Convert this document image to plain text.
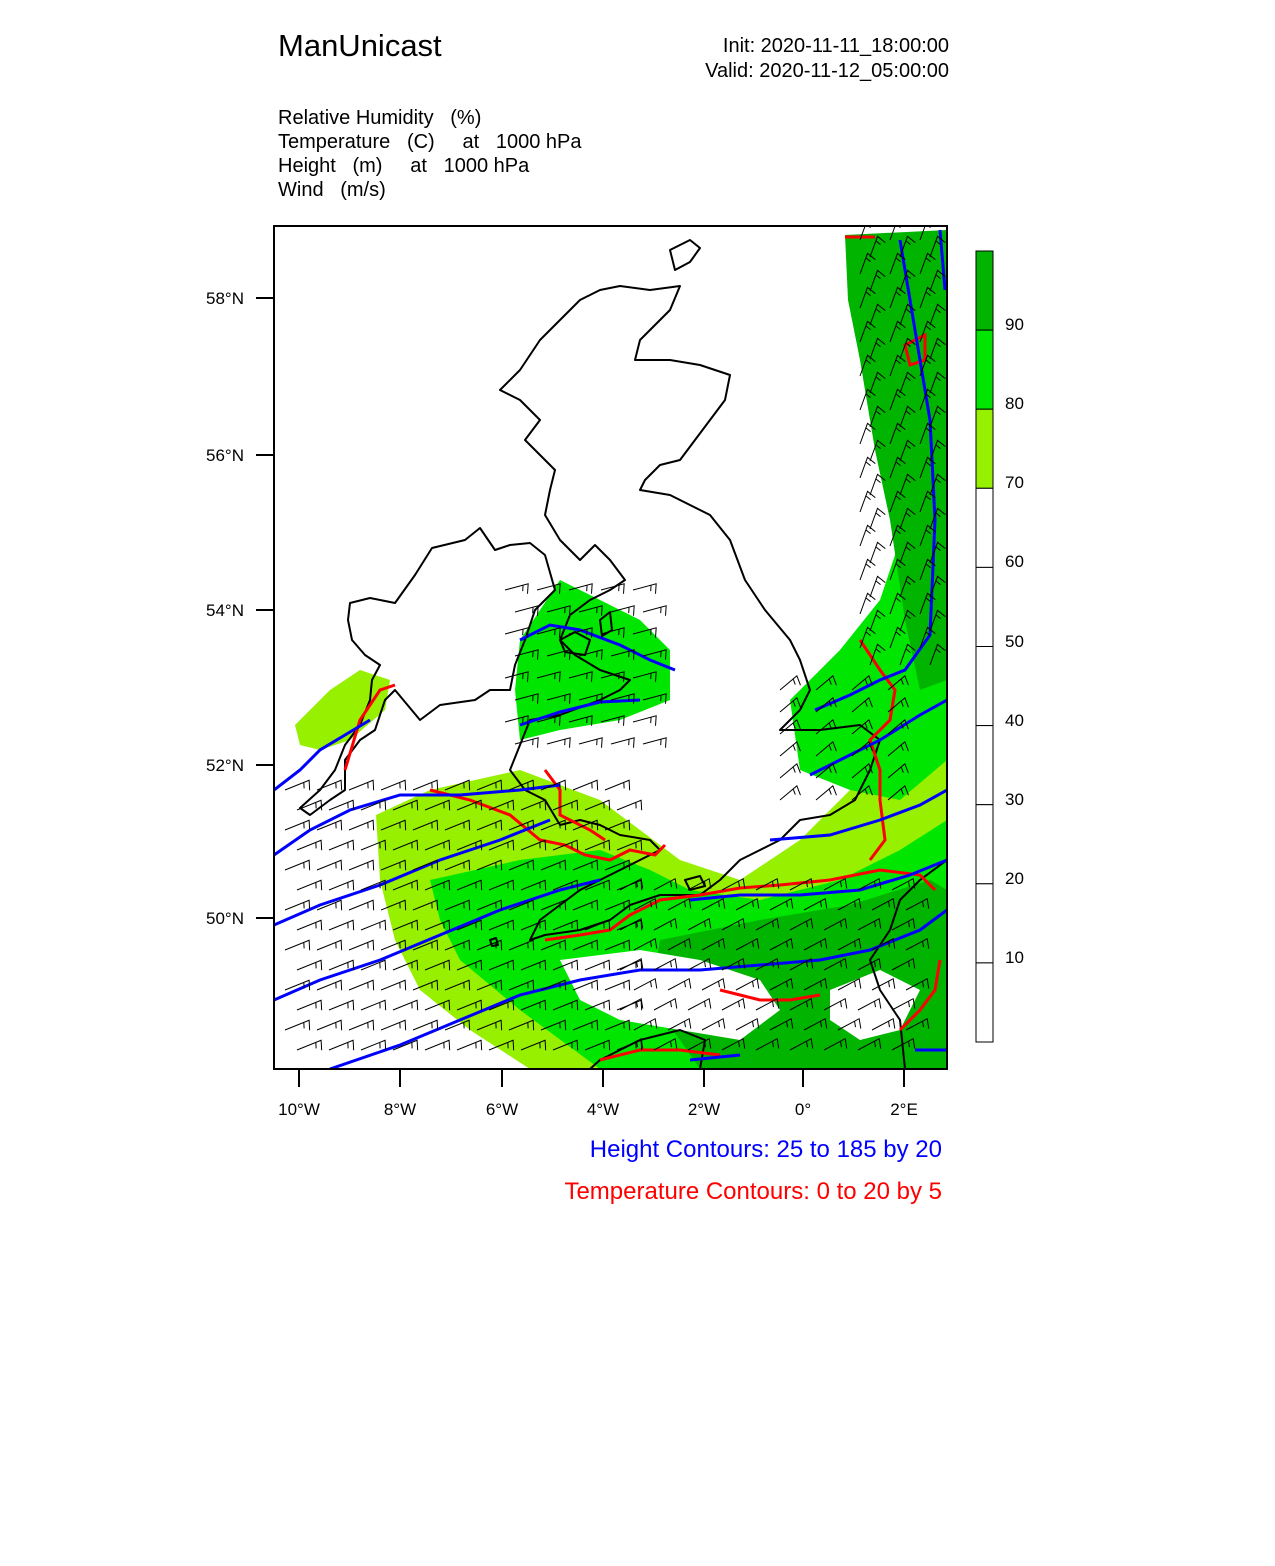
ManUnicast	Init: 2020-11-11_18:00:00
Valid: 2020-11-12_05:00:00
Relative Humidity   (%)
Temperature   (C)     at   1000 hPa
Height   (m)     at   1000 hPa
Wind   (m/s)
58°N
56°N
54°N
52°N
50°N
10°W	8°W	6°W	4°W	2°W	0°	2°E
90
80
70
60
50
40
30
20
10
Height Contours: 25 to 185 by 20
Temperature Contours: 0 to 20 by 5
